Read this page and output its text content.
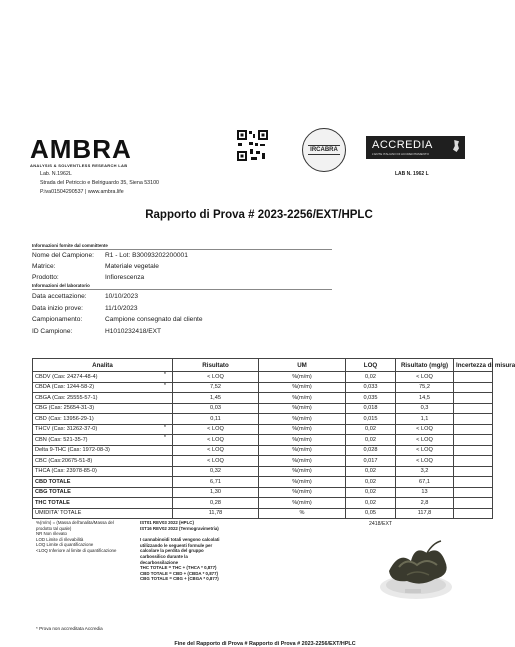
AMBRA
ANALYSIS & SOLVENTLESS RESEARCH LAB
Lab. N.1962L
Strada del Petriccio e Belriguardo 35, Siena 53100
P.iva01504290537 | www.ambra.life
IRCABRA	ACCREDIA
L'ENTE ITALIANO DI ACCREDITAMENTO
LAB N. 1962 L
Rapporto di Prova # 2023-2256/EXT/HPLC
Informazioni fornite dal committente
Nome del Campione:	R1 - Lot: B30093202200001
Matrice:	Materiale vegetale
Prodotto:	Infiorescenza
Informazioni del laboratorio
Data accettazione:	10/10/2023
Data inizio prove:	11/10/2023
Campionamento:	Campione consegnato dal cliente
ID Campione:	H1010232418/EXT
Analita	Risultato	UM	LOQ	Risultato (mg/g)	Incertezza di misura
CBDV (Cas: 24274-48-4) *	< LOQ	%(m/m)	0,02	< LOQ	
CBDA (Cas: 1244-58-2) *	7,52	%(m/m)	0,033	75,2	
CBGA (Cas: 25555-57-1)	1,45	%(m/m)	0,035	14,5	
CBG (Cas: 25654-31-3)	0,03	%(m/m)	0,018	0,3	
CBD (Cas: 13956-29-1)	0,11	%(m/m)	0,015	1,1	
THCV (Cas: 31262-37-0) *	< LOQ	%(m/m)	0,02	< LOQ	
CBN (Cas: 521-35-7) *	< LOQ	%(m/m)	0,02	< LOQ	
Delta 9-THC (Cas: 1972-08-3)	< LOQ	%(m/m)	0,028	< LOQ	
CBC (Cas:20675-51-8)	< LOQ	%(m/m)	0,017	< LOQ	
THCA (Cas: 23978-85-0)	0,32	%(m/m)	0,02	3,2	
CBD TOTALE	6,71	%(m/m)	0,02	67,1	
CBG TOTALE	1,30	%(m/m)	0,02	13	
THC TOTALE	0,28	%(m/m)	0,02	2,8	
UMIDITA' TOTALE	11,78	%	0,05	117,8	
%(m/m) = (Massa dell'analita/Massa del
prodotto tal quale)
NR Non rilevato
LOD Limite di rilevabilità
LOQ Limite di quantificazione
<LOQ Inferiore al limite di quantificazione
IST01 REV03 2022 (HPLC)
IST16 REV02 2022 (Termogravimetria)
I cannabinoidi totali vengono calcolati
utilizzando le seguenti formule per
calcolare la perdita del gruppo
carbossilico durante la
decarbossilazione
THC TOTALE = THC + (THCA * 0,877)
CBD TOTALE = CBD + (CBDA * 0,877)
CBG TOTALE = CBG + (CBGA * 0,877)
2418/EXT
* Prova non accreditata Accredia
Fine del Rapporto di Prova # Rapporto di Prova # 2023-2256/EXT/HPLC
